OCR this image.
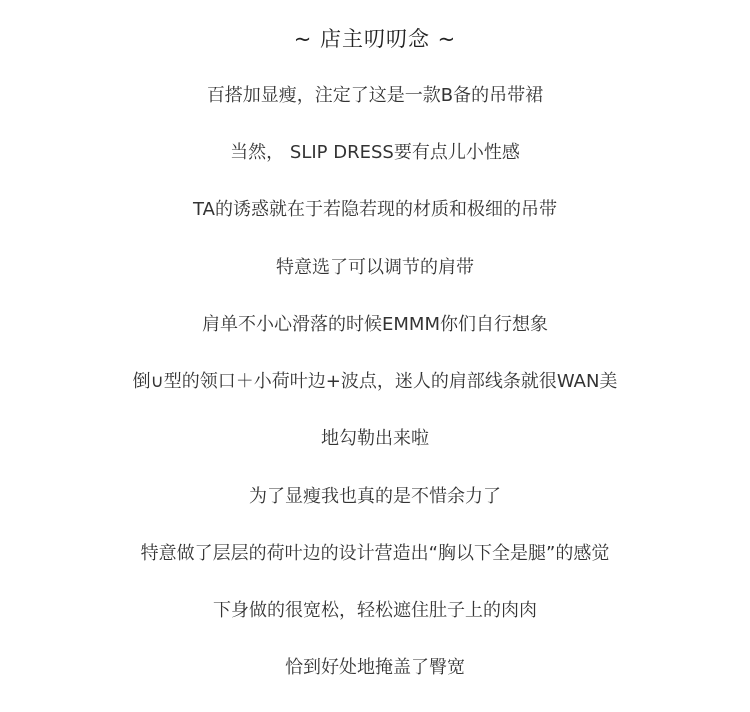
~ 店主叨叨念 ~
百搭加显瘦，注定了这是一款B备的吊带裙
当然， SLIP DRESS要有点儿小性感
TA的诱惑就在于若隐若现的材质和极细的吊带
特意选了可以调节的肩带
肩单不小心滑落的时候EMMM你们自行想象
倒∪型的领口＋小荷叶边+波点，迷人的肩部线条就很WAN美
地勾勒出来啦
为了显瘦我也真的是不惜余力了
特意做了层层的荷叶边的设计营造出“胸以下全是腿”的感觉
下身做的很宽松，轻松遮住肚子上的肉肉
恰到好处地掩盖了臀宽
